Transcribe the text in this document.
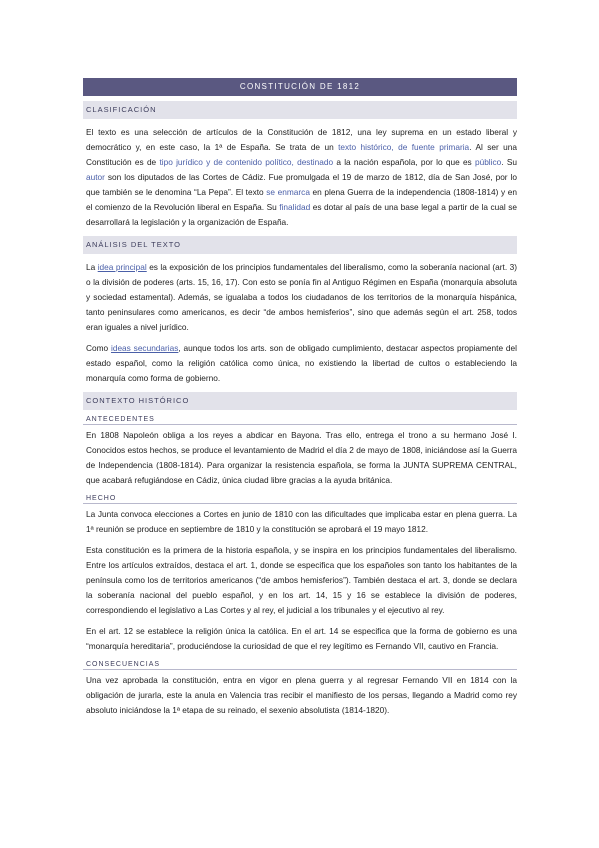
CONSTITUCIÓN DE 1812
CLASIFICACIÓN

El texto es una selección de artículos de la Constitución de 1812, una ley suprema en un estado liberal y democrático y, en este caso, la 1ª de España. Se trata de un texto histórico, de fuente primaria. Al ser una Constitución es de tipo jurídico y de contenido político, destinado a la nación española, por lo que es público. Su autor son los diputados de las Cortes de Cádiz. Fue promulgada el 19 de marzo de 1812, día de San José, por lo que también se le denomina “La Pepa”. El texto se enmarca en plena Guerra de la independencia (1808-1814) y en el comienzo de la Revolución liberal en España. Su finalidad es dotar al país de una base legal a partir de la cual se desarrollará la legislación y la organización de España.

ANÁLISIS DEL TEXTO

La idea principal es la exposición de los principios fundamentales del liberalismo, como la soberanía nacional (art. 3) o la división de poderes (arts. 15, 16, 17). Con esto se ponía fin al Antiguo Régimen en España (monarquía absoluta y sociedad estamental). Además, se igualaba a todos los ciudadanos de los territorios de la monarquía hispánica, tanto peninsulares como americanos, es decir “de ambos hemisferios”, sino que además según el art. 258, todos eran iguales a nivel jurídico.

Como ideas secundarias, aunque todos los arts. son de obligado cumplimiento, destacar aspectos propiamente del estado español, como la religión católica como única, no existiendo la libertad de cultos o estableciendo la monarquía como forma de gobierno.

CONTEXTO HISTÓRICO
ANTECEDENTES

En 1808 Napoleón obliga a los reyes a abdicar en Bayona. Tras ello, entrega el trono a su hermano José I. Conocidos estos hechos, se produce el levantamiento de Madrid el día 2 de mayo de 1808, iniciándose así la Guerra de Independencia (1808-1814). Para organizar la resistencia española, se forma la JUNTA SUPREMA CENTRAL, que acabará refugiándose en Cádiz, única ciudad libre gracias a la ayuda británica.

HECHO

La Junta convoca elecciones a Cortes en junio de 1810 con las dificultades que implicaba estar en plena guerra. La 1ª reunión se produce en septiembre de 1810 y la constitución se aprobará el 19 mayo 1812.

Esta constitución es la primera de la historia española, y se inspira en los principios fundamentales del liberalismo. Entre los artículos extraídos, destaca el art. 1, donde se especifica que los españoles son tanto los habitantes de la península como los de territorios americanos (“de ambos hemisferios”). También destaca el art. 3, donde se declara la soberanía nacional del pueblo español, y en los art. 14, 15 y 16 se establece la división de poderes, correspondiendo el legislativo a Las Cortes y al rey, el judicial a los tribunales y el ejecutivo al rey.

En el art. 12 se establece la religión única la católica. En el art. 14 se especifica que la forma de gobierno es una “monarquía hereditaria”, produciéndose la curiosidad de que el rey legítimo es Fernando VII, cautivo en Francia.

CONSECUENCIAS

Una vez aprobada la constitución, entra en vigor en plena guerra y al regresar Fernando VII en 1814 con la obligación de jurarla, este la anula en Valencia tras recibir el manifiesto de los persas, llegando a Madrid como rey absoluto iniciándose la 1ª etapa de su reinado, el sexenio absolutista (1814-1820).
